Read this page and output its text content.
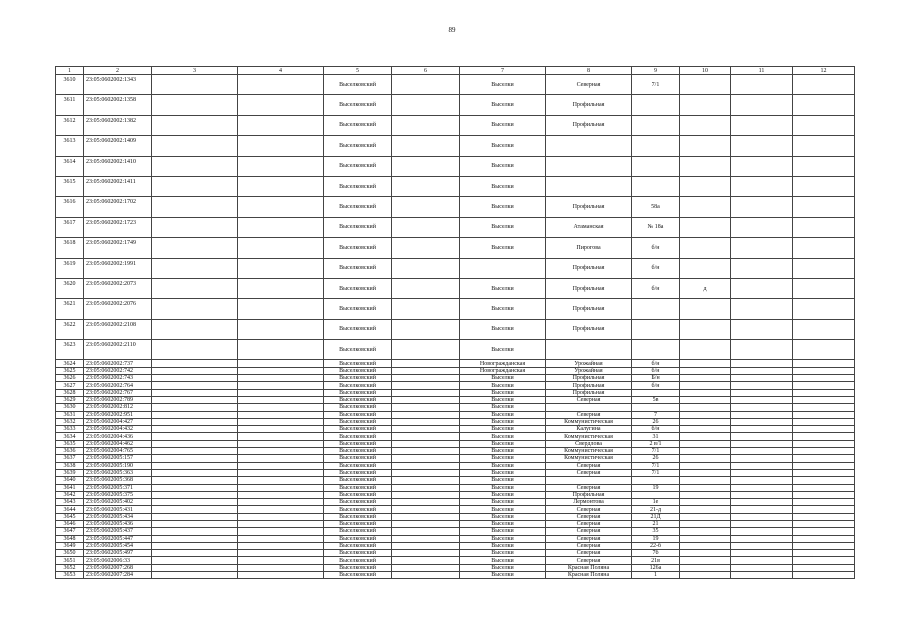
89
1	2	3	4	5	6	7	8	9	10	11	12
3610	23:05:0602002:1343			Выселковский		Выселки	Северная	7/1			
3611	23:05:0602002:1358			Выселковский		Выселки	Профильная				
3612	23:05:0602002:1382			Выселковский		Выселки	Профильная				
3613	23:05:0602002:1409			Выселковский		Выселки					
3614	23:05:0602002:1410			Выселковский		Выселки					
3615	23:05:0602002:1411			Выселковский		Выселки					
3616	23:05:0602002:1702			Выселковский		Выселки	Профильная	58а			
3617	23:05:0602002:1723			Выселковский		Выселки	Атаманская	№ 18а			
3618	23:05:0602002:1749			Выселковский		Выселки	Пирогова	б/н			
3619	23:05:0602002:1991			Выселковский			Профильная	б/н			
3620	23:05:0602002:2073			Выселковский		Выселки	Профильная	б/н	д		
3621	23:05:0602002:2076			Выселковский		Выселки	Профильная				
3622	23:05:0602002:2108			Выселковский		Выселки	Профильная				
3623	23:05:0602002:2110			Выселковский		Выселки					
3624	23:05:0602002:737			Выселковский		Новогражданская	Урожайная	б/н			
3625	23:05:0602002:742			Выселковский		Новогражданская	Урожайная	б/н			
3626	23:05:0602002:743			Выселковский		Выселки	Профильная	Б/н			
3627	23:05:0602002:764			Выселковский		Выселки	Профильная	б/н			
3628	23:05:0602002:767			Выселковский		Выселки	Профильная				
3629	23:05:0602002:789			Выселковский		Выселки	Северная	5в			
3630	23:05:0602002:812			Выселковский		Выселки					
3631	23:05:0602002:951			Выселковский		Выселки	Северная	7			
3632	23:05:0602004:427			Выселковский		Выселки	Коммунистическая	26			
3633	23:05:0602004:432			Выселковский		Выселки	Калугина	б/н			
3634	23:05:0602004:436			Выселковский		Выселки	Коммунистическая	31			
3635	23:05:0602004:462			Выселковский		Выселки	Свердлова	2 в/1			
3636	23:05:0602004:765			Выселковский		Выселки	Коммунистическая	7/1			
3637	23:05:0602005:157			Выселковский		Выселки	Коммунистическая	26			
3638	23:05:0602005:190			Выселковский		Выселки	Северная	7/1			
3639	23:05:0602005:363			Выселковский		Выселки	Северная	7/1			
3640	23:05:0602005:368			Выселковский		Выселки					
3641	23:05:0602005:371			Выселковский		Выселки	Северная	19			
3642	23:05:0602005:375			Выселковский		Выселки	Профильная				
3643	23:05:0602005:402			Выселковский		Выселки	Лермонтова	1е			
3644	23:05:0602005:431			Выселковский		Выселки	Северная	21-д			
3645	23:05:0602005:434			Выселковский		Выселки	Северная	21Д			
3646	23:05:0602005:436			Выселковский		Выселки	Северная	21			
3647	23:05:0602005:437			Выселковский		Выселки	Северная	35			
3648	23:05:0602005:447			Выселковский		Выселки	Северная	19			
3649	23:05:0602005:454			Выселковский		Выселки	Северная	22-б			
3650	23:05:0602005:497			Выселковский		Выселки	Северная	7б			
3651	23:05:0602006:33			Выселковский		Выселки	Северная	21в			
3652	23:05:0602007:268			Выселковский		Выселки	Красная Поляна	126а			
3653	23:05:0602007:284			Выселковский		Выселки	Красная Поляна	1			
